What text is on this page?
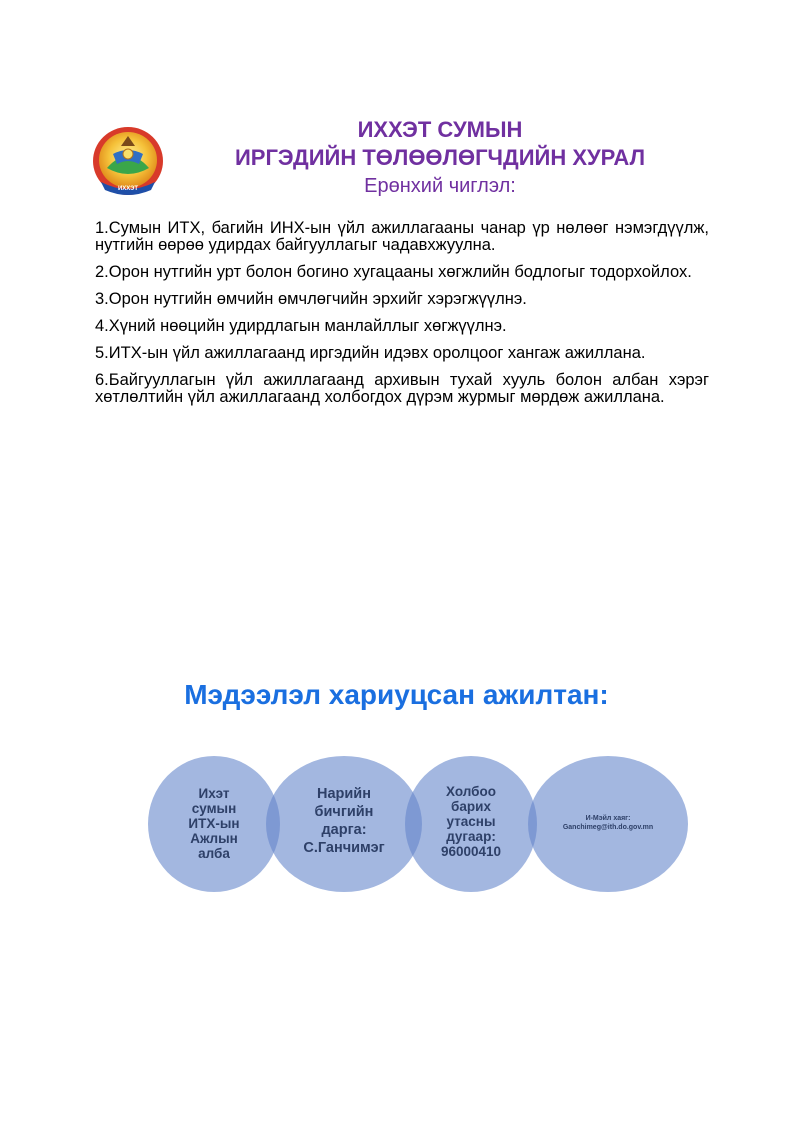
ИХХЭТ
ИХХЭТ СУМЫН
ИРГЭДИЙН ТӨЛӨӨЛӨГЧДИЙН ХУРАЛ
Ерөнхий чиглэл:

1.Сумын ИТХ, багийн ИНХ-ын үйл ажиллагааны чанар үр нөлөөг нэмэгдүүлж, нутгийн өөрөө удирдах байгууллагыг чадавхжуулна.

2.Орон нутгийн урт болон богино хугацааны хөгжлийн бодлогыг тодорхойлох.

3.Орон нутгийн өмчийн өмчлөгчийн эрхийг хэрэгжүүлнэ.

4.Хүний нөөцийн удирдлагын манлайллыг хөгжүүлнэ.

5.ИТХ-ын үйл ажиллагаанд иргэдийн идэвх оролцоог хангаж ажиллана.

6.Байгууллагын үйл ажиллагаанд архивын тухай хууль болон албан хэрэг хөтлөлтийн үйл ажиллагаанд холбогдох дүрэм журмыг мөрдөж ажиллана.

Мэдээлэл хариуцсан ажилтан:
Ихэт
сумын
ИТХ-ын
Ажлын
алба
Нарийн
бичгийн
дарга:
С.Ганчимэг
Холбоо
барих
утасны
дугаар:
96000410
И-Мэйл хаяг:
Ganchimeg@ith.do.gov.mn
